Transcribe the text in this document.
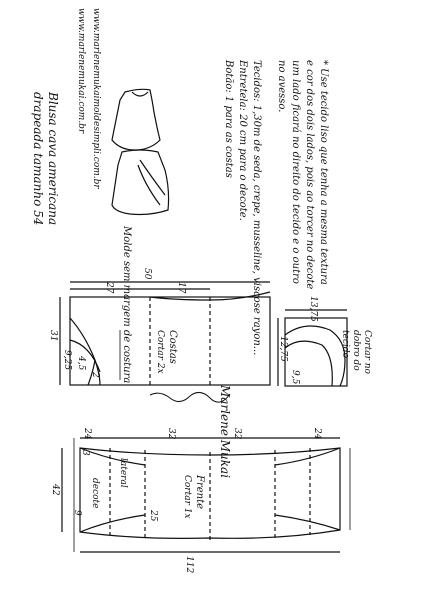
www.marlenemukaimoldesimpli.com.br
www.marlenemukai.com.br
Blusa cava americana
drapeada tamanho 54
Molde sem margem de costura	Tecidos: 1,30m de seda, crepe, musseline, viscose rayon...
Entretela: 20 cm para o decote.
Botão: 1 para as costas	* Use tecido liso que tenha a mesma textura e cor dos dois lados, pois ao torcer no decote um lado ficará no direito do tecido e o outro no avesso.
Marlene Mukai
Costas
Cortar 2x	Cortar no dobro do tecido
Frente
Cortar 1x
50
31
27	17
9,25
2
4,5
13,75
12,75
9,5
112
42
24	32	32	24
25
9
3
lateral
decote
